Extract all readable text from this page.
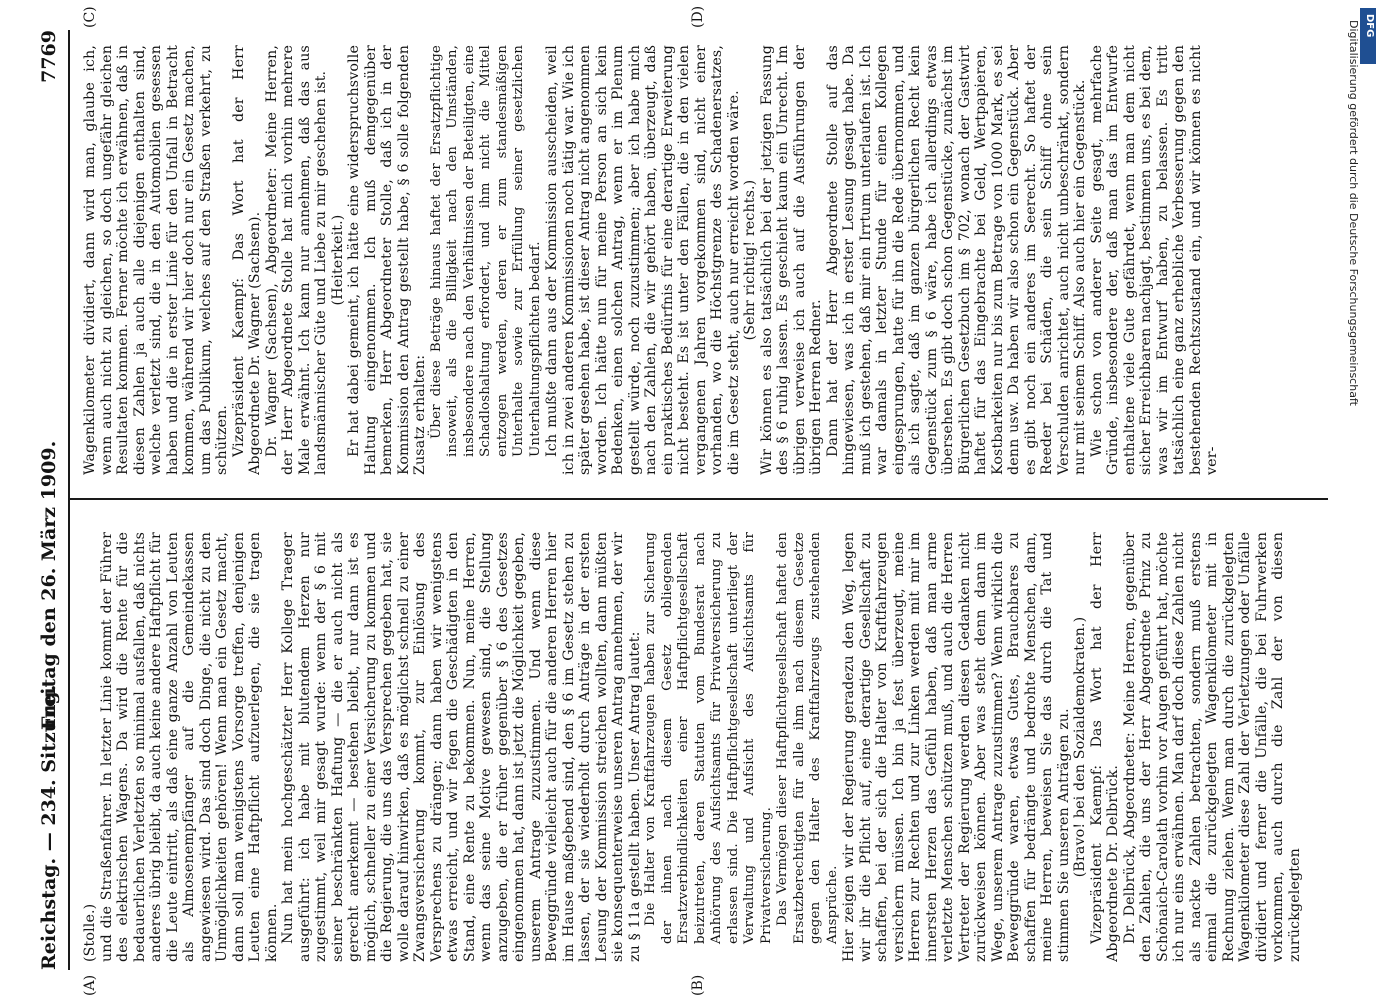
Reichstag. — 234. Sitzung.
Freitag den 26. März 1909.
7769
(A)	(B)
(C)	(D)

(Stolle.) und die Straßenfahrer. In letzter Linie kommt der Führer des elektrischen Wagens. Da wird die Rente für die bedauerlichen Verletzten so minimal ausfallen, daß nichts anderes übrig bleibt, da auch keine andere Haftpflicht für die Leute eintritt, als daß eine ganze Anzahl von Leuten als Almosenempfänger auf die Gemeindekassen angewiesen wird. Das sind doch Dinge, die nicht zu den Unmöglichkeiten gehören! Wenn man ein Gesetz macht, dann soll man wenigstens Vorsorge treffen, denjenigen Leuten eine Haftpflicht aufzuerlegen, die sie tragen können. Nun hat mein hochgeschätzter Herr Kollege Traeger ausgeführt: ich habe mit blutendem Herzen nur zugestimmt, weil mir gesagt wurde: wenn der § 6 mit seiner beschränkten Haftung — die er auch nicht als gerecht anerkennt — bestehen bleibt, nur dann ist es möglich, schneller zu einer Versicherung zu kommen und die Regierung, die uns das Versprechen gegeben hat, sie wolle darauf hinwirken, daß es möglichst schnell zu einer Zwangsversicherung kommt, zur Einlösung des Versprechens zu drängen; dann haben wir wenigstens etwas erreicht, und wir fegen die Geschädigten in den Stand, eine Rente zu bekommen. Nun, meine Herren, wenn das seine Motive gewesen sind, die Stellung anzugeben, die er früher gegenüber § 6 des Gesetzes eingenommen hat, dann ist jetzt die Möglichkeit gegeben, unserem Antrage zuzustimmen. Und wenn diese Beweggründe vielleicht auch für die anderen Herren hier im Hause maßgebend sind, den § 6 im Gesetz stehen zu lassen, der sie wiederholt durch Anträge in der ersten Lesung der Kommission streichen wollten, dann müßten sie konsequenterweise unseren Antrag annehmen, der wir zu § 11a gestellt haben. Unser Antrag lautet: Die Halter von Kraftfahrzeugen haben zur Sicherung der ihnen nach diesem Gesetz obliegenden Ersatzverbindlichkeiten einer Haftpflichtgesellschaft beizutreten, deren Statuten vom Bundesrat nach Anhörung des Aufsichtsamts für Privatversicherung zu erlassen sind. Die Haftpflichtgesellschaft unterliegt der Verwaltung und Aufsicht des Aufsichtsamts für Privatversicherung. Das Vermögen dieser Haftpflichtgesellschaft haftet den Ersatzberechtigten für alle ihm nach diesem Gesetze gegen den Halter des Kraftfahrzeugs zustehenden Ansprüche. Hier zeigen wir der Regierung geradezu den Weg, legen wir ihr die Pflicht auf, eine derartige Gesellschaft zu schaffen, bei der sich die Halter von Kraftfahrzeugen versichern müssen. Ich bin ja fest überzeugt, meine Herren zur Rechten und zur Linken werden mit mir im innersten Herzen das Gefühl haben, daß man arme verletzte Menschen schützen muß, und auch die Herren Vertreter der Regierung werden diesen Gedanken nicht zurückweisen können. Aber was steht denn dann im Wege, unserem Antrage zuzustimmen? Wenn wirklich die Beweggründe waren, etwas Gutes, Brauchbares zu schaffen für bedrängte und bedrohte Menschen, dann, meine Herren, beweisen Sie das durch die Tat und stimmen Sie unseren Anträgen zu. (Bravo! bei den Sozialdemokraten.) Vizepräsident Kaempf: Das Wort hat der Herr Abgeordnete Dr. Delbrück. Dr. Delbrück, Abgeordneter: Meine Herren, gegenüber den Zahlen, die uns der Herr Abgeordnete Prinz zu Schönaich-Carolath vorhin vor Augen geführt hat, möchte ich nur eins erwähnen. Man darf doch diese Zahlen nicht als nackte Zahlen betrachten, sondern muß erstens einmal die zurückgelegten Wagenkilometer mit in Rechnung ziehen. Wenn man durch die zurückgelegten Wagenkilometer diese Zahl der Verletzungen oder Unfälle dividiert und ferner die Unfälle, die bei Fuhrwerken vorkommen, auch durch die Zahl der von diesen zurückgelegten

Wagenkilometer dividiert, dann wird man, glaube ich, wenn auch nicht zu gleichen, so doch ungefähr gleichen Resultaten kommen. Ferner möchte ich erwähnen, daß in diesen Zahlen ja auch alle diejenigen enthalten sind, welche verletzt sind, die in den Automobilen gesessen haben und die in erster Linie für den Unfall in Betracht kommen, während wir hier doch nur ein Gesetz machen, um das Publikum, welches auf den Straßen verkehrt, zu schützen. Vizepräsident Kaempf: Das Wort hat der Herr Abgeordnete Dr. Wagner (Sachsen). Dr. Wagner (Sachsen), Abgeordneter: Meine Herren, der Herr Abgeordnete Stolle hat mich vorhin mehrere Male erwähnt. Ich kann nur annehmen, daß das aus landsmännischer Güte und Liebe zu mir geschehen ist. (Heiterkeit.) Er hat dabei gemeint, ich hätte eine widerspruchsvolle Haltung eingenommen. Ich muß demgegenüber bemerken, Herr Abgeordneter Stolle, daß ich in der Kommission den Antrag gestellt habe, § 6 solle folgenden Zusatz erhalten: Über diese Beträge hinaus haftet der Ersatzpflichtige insoweit, als die Billigkeit nach den Umständen, insbesondere nach den Verhältnissen der Beteiligten, eine Schadloshaltung erfordert, und ihm nicht die Mittel entzogen werden, deren er zum standesmäßigen Unterhalte sowie zur Erfüllung seiner gesetzlichen Unterhaltungspflichten bedarf. Ich mußte dann aus der Kommission ausscheiden, weil ich in zwei anderen Kommissionen noch tätig war. Wie ich später gesehen habe, ist dieser Antrag nicht angenommen worden. Ich hätte nun für meine Person an sich kein Bedenken, einen solchen Antrag, wenn er im Plenum gestellt würde, noch zuzustimmen; aber ich habe mich nach den Zahlen, die wir gehört haben, überzeugt, daß ein praktisches Bedürfnis für eine derartige Erweiterung nicht besteht. Es ist unter den Fällen, die in den vielen vergangenen Jahren vorgekommen sind, nicht einer vorhanden, wo die Höchstgrenze des Schadenersatzes, die im Gesetz steht, auch nur erreicht worden wäre. (Sehr richtig! rechts.) Wir können es also tatsächlich bei der jetzigen Fassung des § 6 ruhig lassen. Es geschieht kaum ein Unrecht. Im übrigen verweise ich auch auf die Ausführungen der übrigen Herren Redner. Dann hat der Herr Abgeordnete Stolle auf das hingewiesen, was ich in erster Lesung gesagt habe. Da muß ich gestehen, daß mir ein Irrtum unterlaufen ist. Ich war damals in letzter Stunde für einen Kollegen eingesprungen, hatte für ihn die Rede übernommen, und als ich sagte, daß im ganzen bürgerlichen Recht kein Gegenstück zum § 6 wäre, habe ich allerdings etwas übersehen. Es gibt doch schon Gegenstücke, zunächst im Bürgerlichen Gesetzbuch im § 702, wonach der Gastwirt haftet für das Eingebrachte bei Geld, Wertpapieren, Kostbarkeiten nur bis zum Betrage von 1000 Mark, es sei denn usw. Da haben wir also schon ein Gegenstück. Aber es gibt noch ein anderes im Seerecht. So haftet der Reeder bei Schäden, die sein Schiff ohne sein Verschulden anrichtet, auch nicht unbeschränkt, sondern nur mit seinem Schiff. Also auch hier ein Gegenstück. Wie schon von anderer Seite gesagt, mehrfache Gründe, insbesondere der, daß man das im Entwurfe enthaltene viele Gute gefährdet, wenn man dem nicht sicher Erreichbaren nachjagt, bestimmen uns, es bei dem, was wir im Entwurf haben, zu belassen. Es tritt tatsächlich eine ganz erhebliche Verbesserung gegen den bestehenden Rechtszustand ein, und wir können es nicht ver-

DFG
Digitalisierung gefördert durch die Deutsche Forschungsgemeinschaft
